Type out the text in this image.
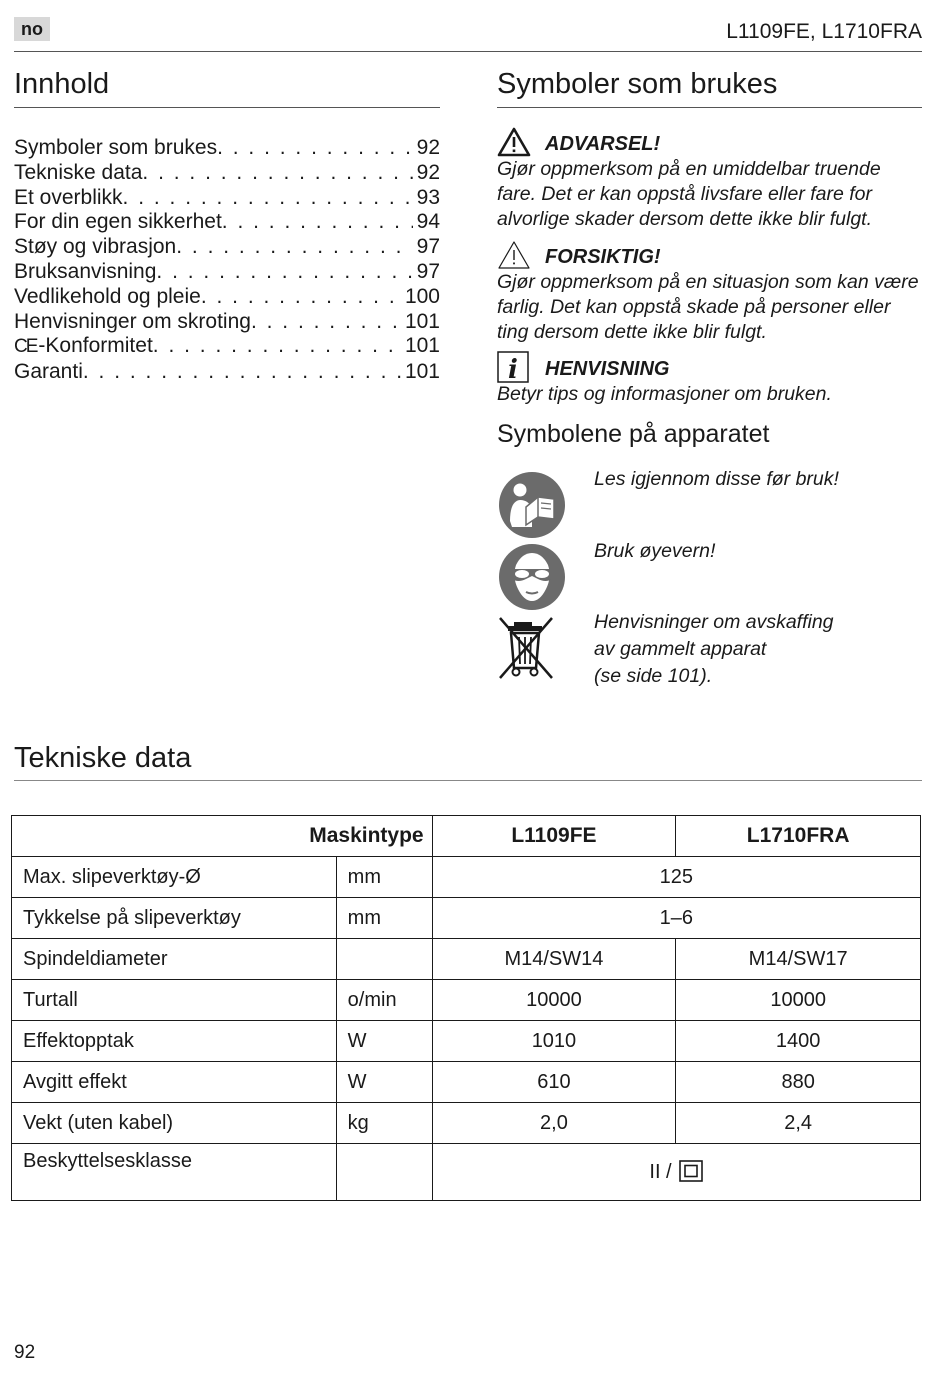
no	L1109FE, L1710FRA
Innhold
Symboler som brukes . . .	92
Tekniske data . . .	92
Et overblikk . . .	93
For din egen sikkerhet . . .	94
Støy og vibrasjon . . .	97
Bruksanvisning . . .	97
Vedlikehold og pleie . . .	100
Henvisninger om skroting . . .	101
CE-Konformitet . . .	101
Garanti . . .	101
Symboler som brukes
ADVARSEL!
Gjør oppmerksom på en umiddelbar truende fare. Det er kan oppstå livsfare eller fare for alvorlige skader dersom dette ikke blir fulgt.
FORSIKTIG!
Gjør oppmerksom på en situasjon som kan være farlig. Det kan oppstå skade på personer eller ting dersom dette ikke blir fulgt.
i HENVISNING
Betyr tips og informasjoner om bruken.
Symbolene på apparatet
Les igjennom disse før bruk!
Bruk øyevern!
Henvisninger om avskaffing
av gammelt apparat
(se side 101).
Tekniske data
Maskintype		L1109FE	L1710FRA
Max. slipeverktøy-Ø	mm	125	
Tykkelse på slipeverktøy	mm	1–6	
Spindeldiameter		M14/SW14	M14/SW17
Turtall	o/min	10000	10000
Effektopptak	W	1010	1400
Avgitt effekt	W	610	880
Vekt (uten kabel)	kg	2,0	2,4
Beskyttelsesklasse		II /	
92
